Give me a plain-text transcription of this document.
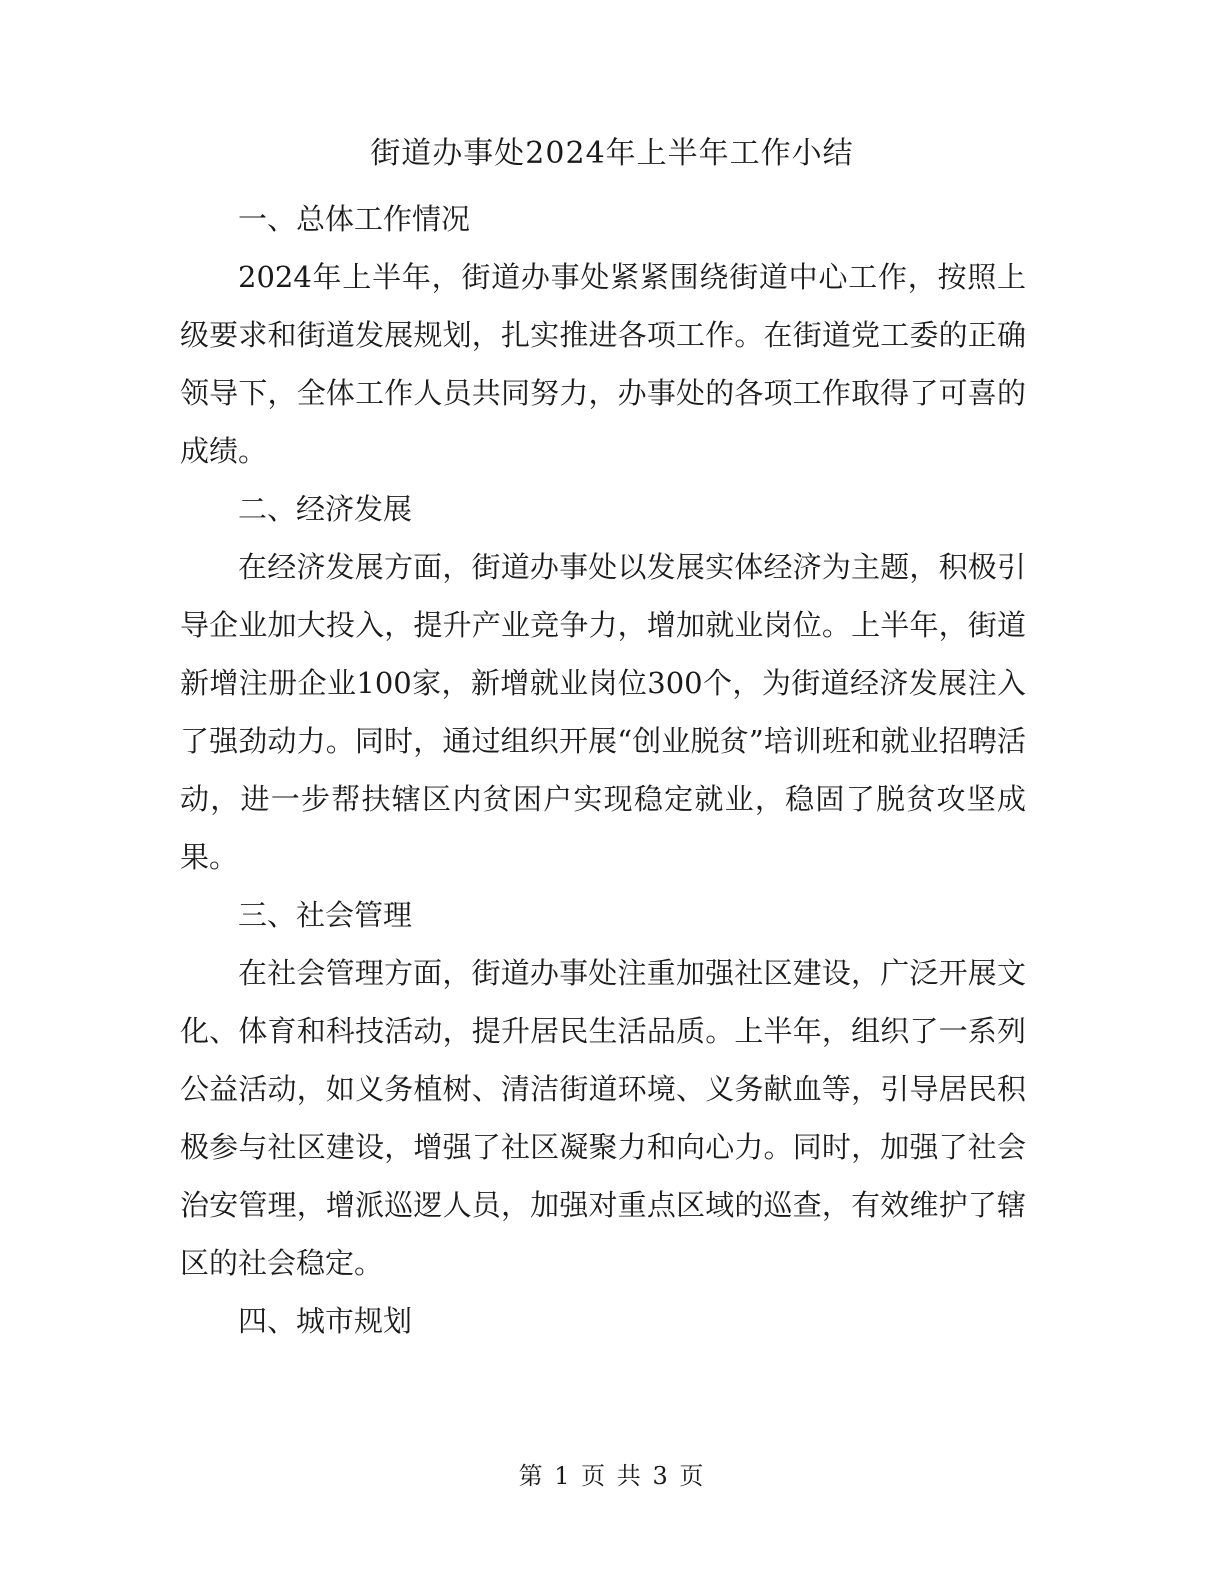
街道办事处2024年上半年工作小结

一、总体工作情况

2024年上半年，街道办事处紧紧围绕街道中心工作，按照上级要求和街道发展规划，扎实推进各项工作。在街道党工委的正确领导下，全体工作人员共同努力，办事处的各项工作取得了可喜的成绩。

二、经济发展

在经济发展方面，街道办事处以发展实体经济为主题，积极引导企业加大投入，提升产业竞争力，增加就业岗位。上半年，街道新增注册企业100家，新增就业岗位300个，为街道经济发展注入了强劲动力。同时，通过组织开展“创业脱贫”培训班和就业招聘活动，进一步帮扶辖区内贫困户实现稳定就业，稳固了脱贫攻坚成果。

三、社会管理

在社会管理方面，街道办事处注重加强社区建设，广泛开展文化、体育和科技活动，提升居民生活品质。上半年，组织了一系列公益活动，如义务植树、清洁街道环境、义务献血等，引导居民积极参与社区建设，增强了社区凝聚力和向心力。同时，加强了社会治安管理，增派巡逻人员，加强对重点区域的巡查，有效维护了辖区的社会稳定。

四、城市规划

第 1 页 共 3 页
